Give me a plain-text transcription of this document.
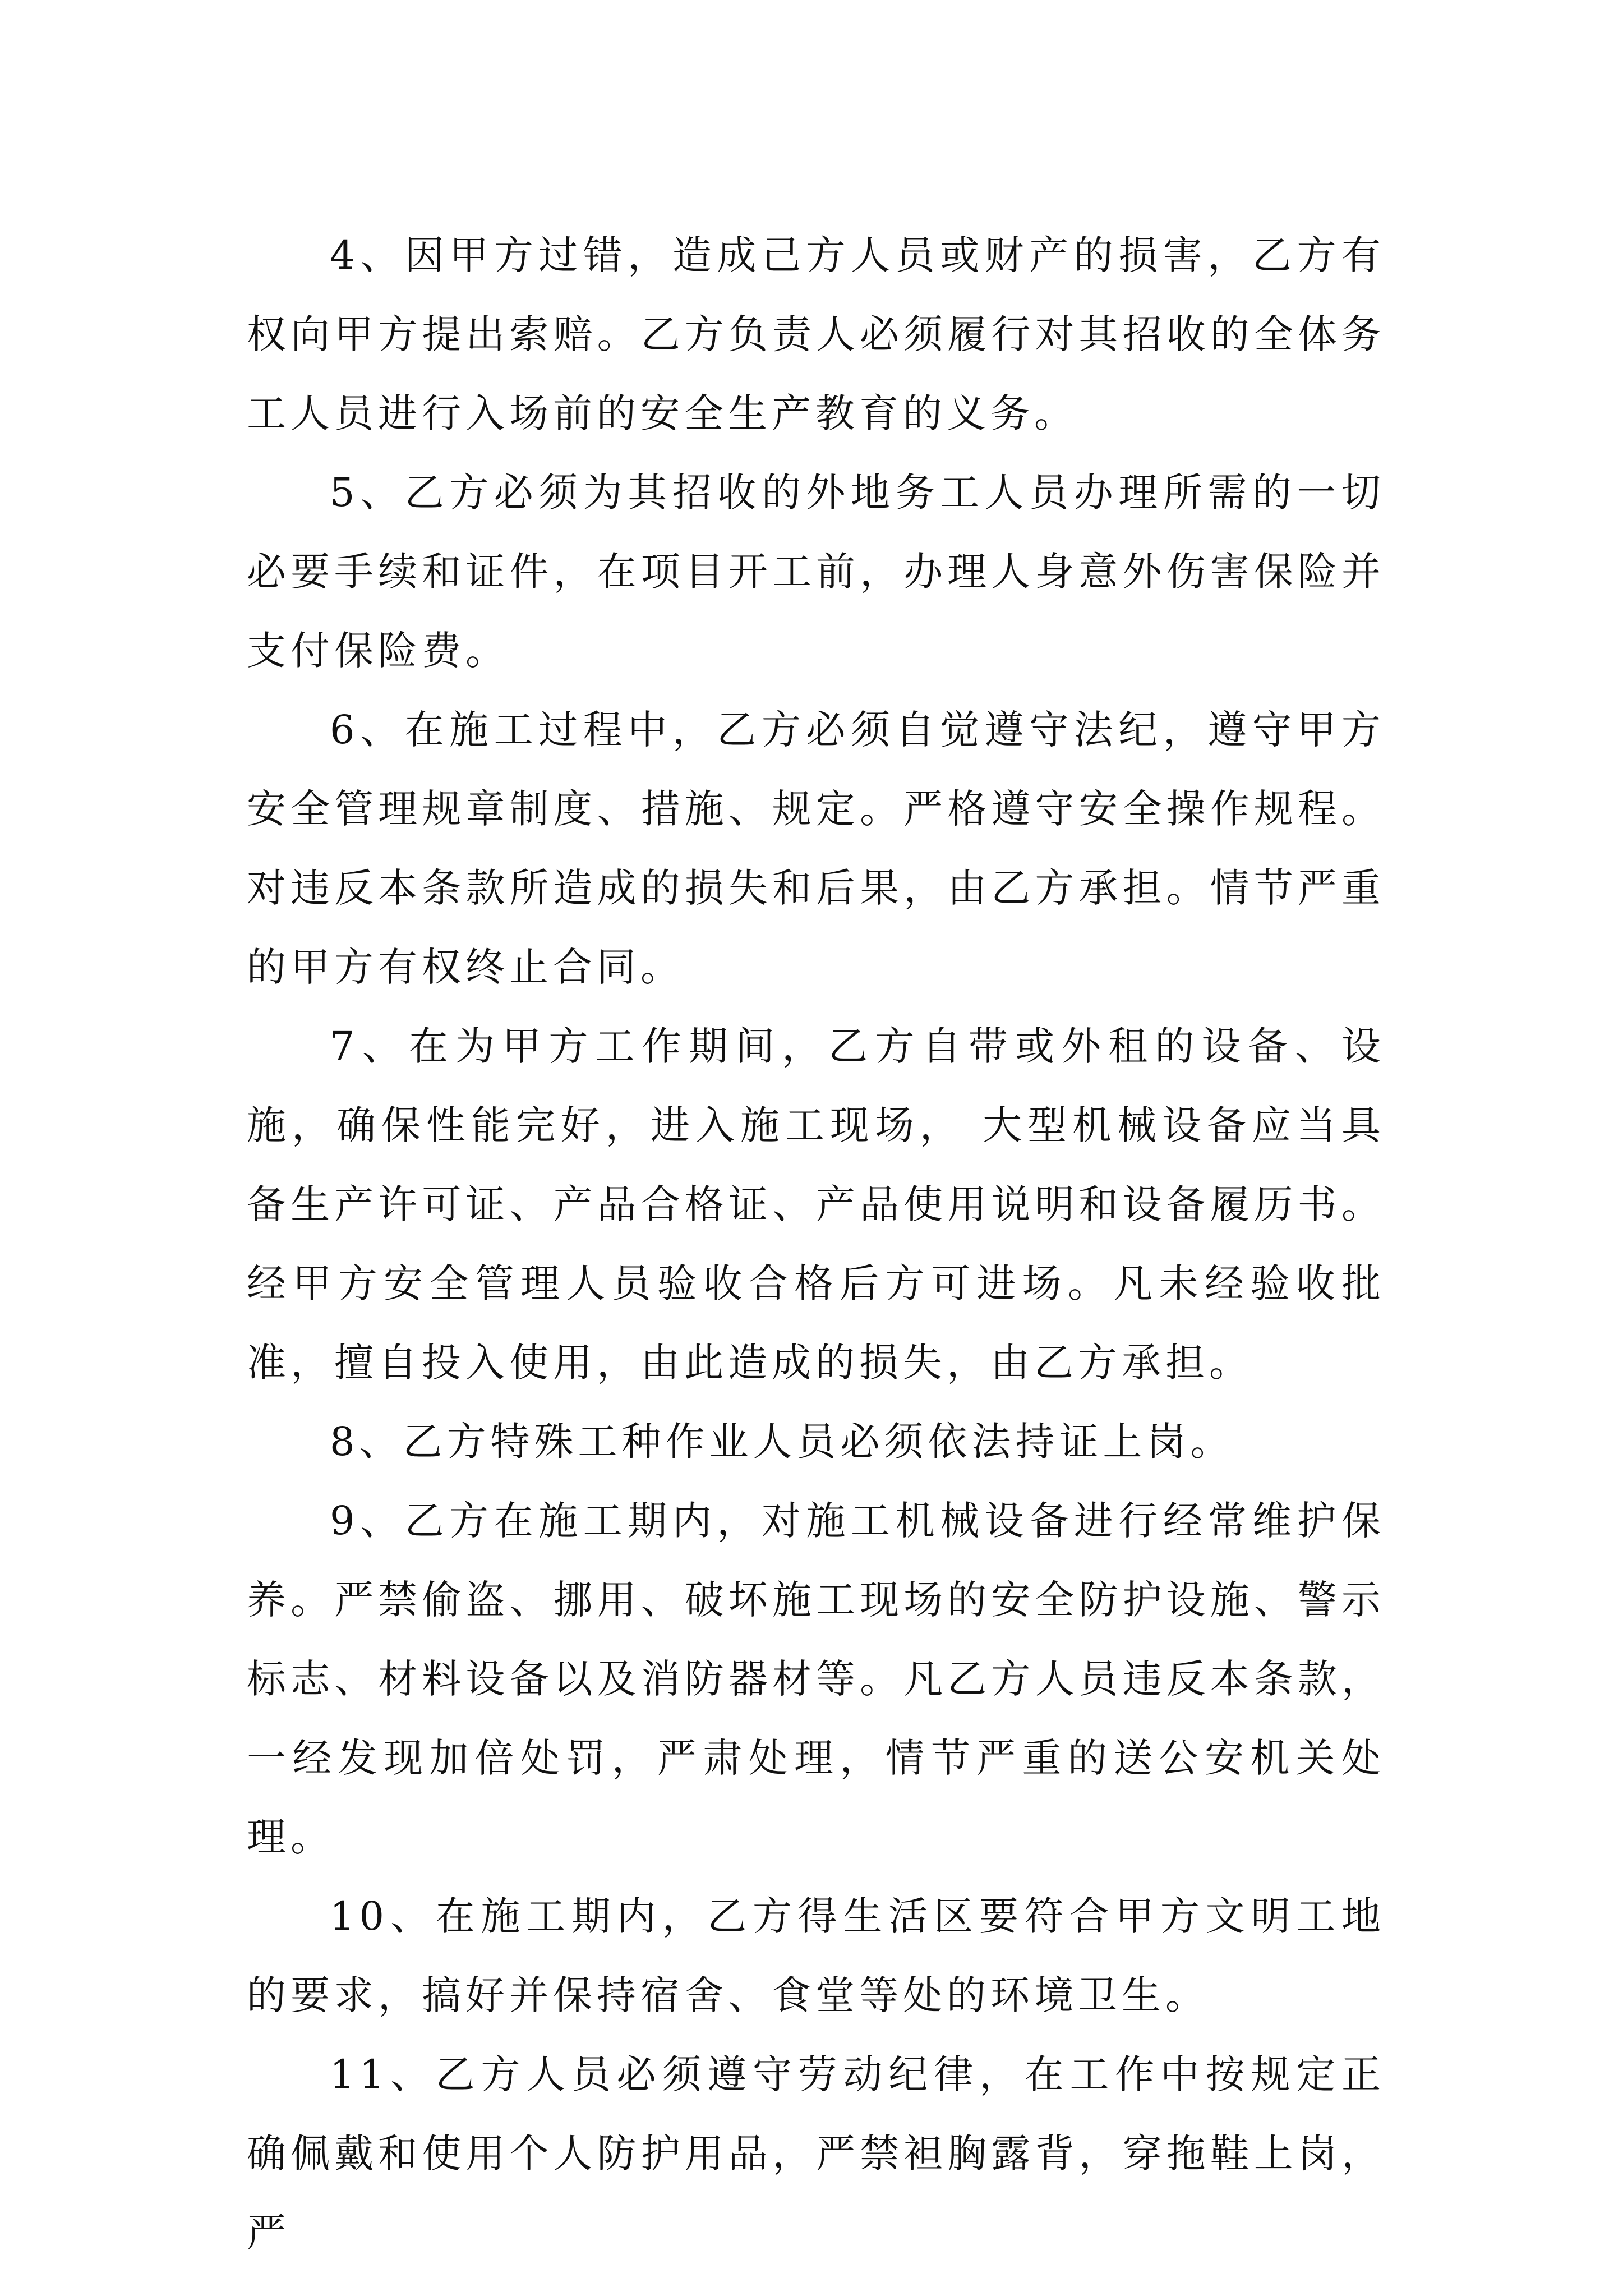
4、因甲方过错，造成己方人员或财产的损害，乙方有权向甲方提出索赔。乙方负责人必须履行对其招收的全体务工人员进行入场前的安全生产教育的义务。

5、乙方必须为其招收的外地务工人员办理所需的一切必要手续和证件，在项目开工前，办理人身意外伤害保险并支付保险费。

6、在施工过程中，乙方必须自觉遵守法纪，遵守甲方安全管理规章制度、措施、规定。严格遵守安全操作规程。对违反本条款所造成的损失和后果，由乙方承担。情节严重的甲方有权终止合同。

7、在为甲方工作期间，乙方自带或外租的设备、设施，确保性能完好，进入施工现场， 大型机械设备应当具备生产许可证、产品合格证、产品使用说明和设备履历书。经甲方安全管理人员验收合格后方可进场。凡未经验收批准，擅自投入使用，由此造成的损失，由乙方承担。

8、乙方特殊工种作业人员必须依法持证上岗。

9、乙方在施工期内，对施工机械设备进行经常维护保养。严禁偷盗、挪用、破坏施工现场的安全防护设施、警示标志、材料设备以及消防器材等。凡乙方人员违反本条款，一经发现加倍处罚，严肃处理，情节严重的送公安机关处理。

10、在施工期内，乙方得生活区要符合甲方文明工地的要求，搞好并保持宿舍、食堂等处的环境卫生。

11、乙方人员必须遵守劳动纪律，在工作中按规定正确佩戴和使用个人防护用品，严禁袒胸露背，穿拖鞋上岗，严
